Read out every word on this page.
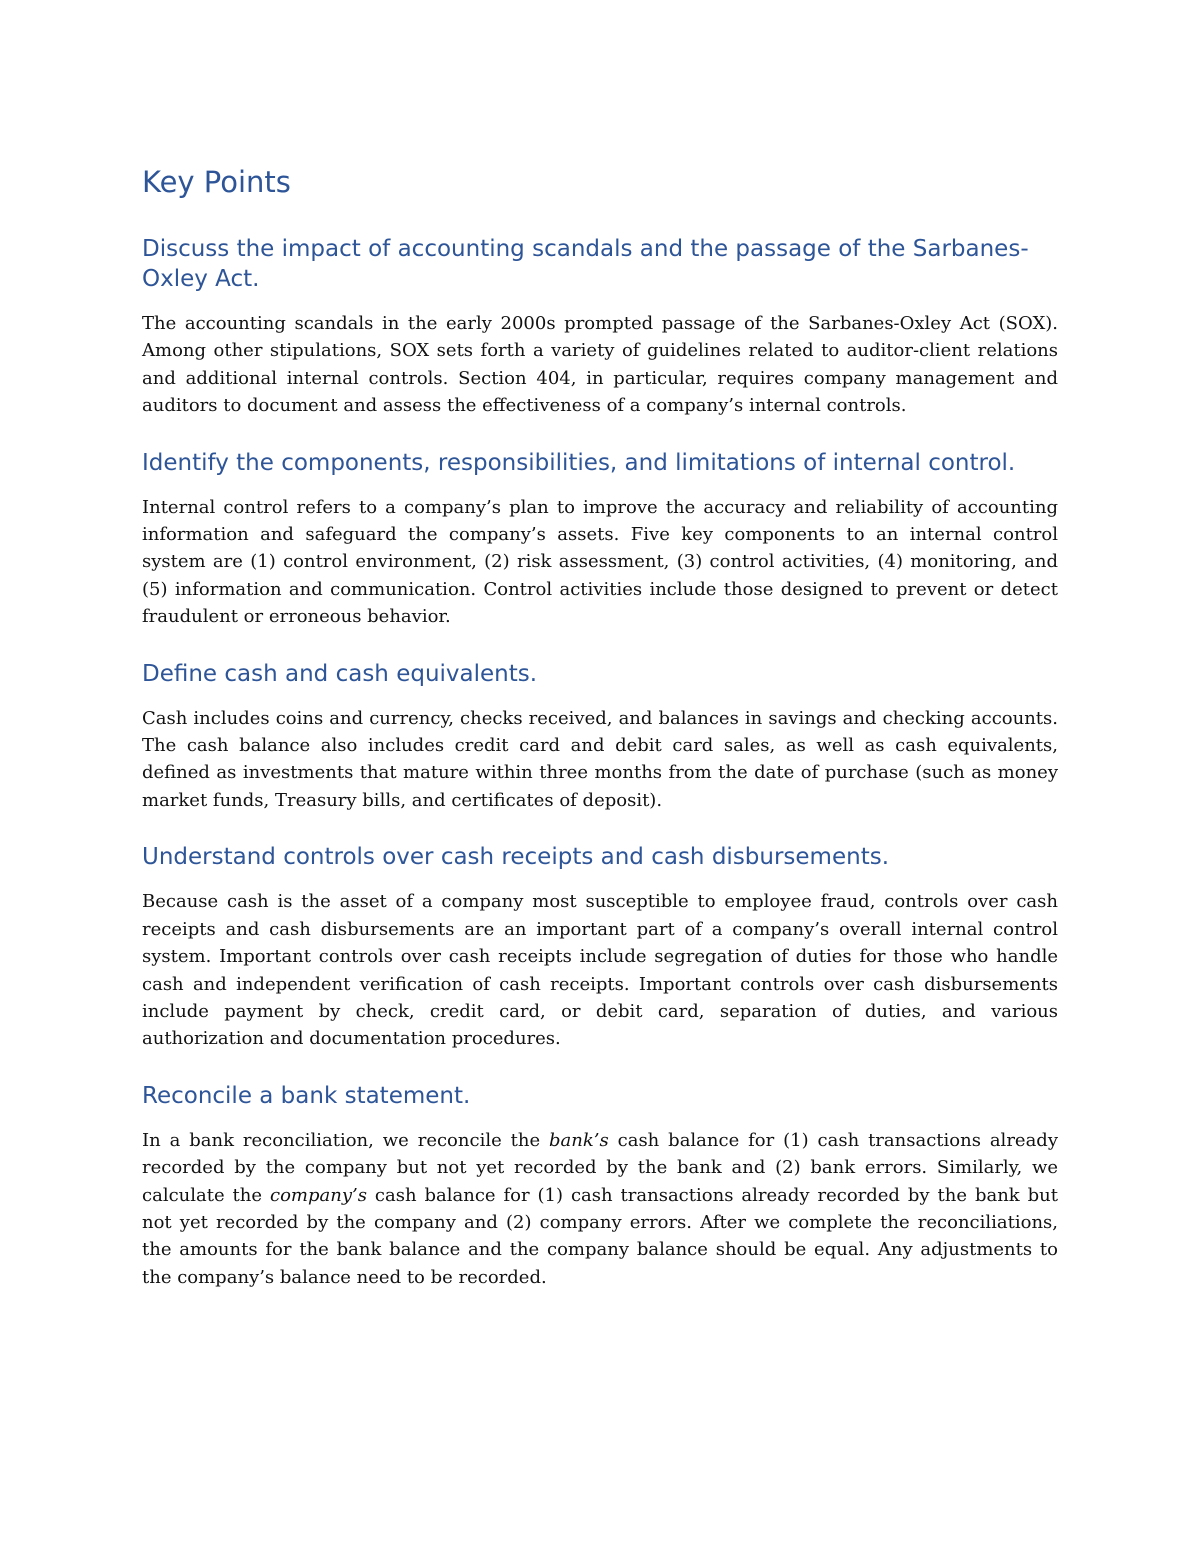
Key Points
Discuss the impact of accounting scandals and the passage of the Sarbanes-Oxley Act.

The accounting scandals in the early 2000s prompted passage of the Sarbanes-Oxley Act (SOX). Among other stipulations, SOX sets forth a variety of guidelines related to auditor-client relations and additional internal controls. Section 404, in particular, requires company management and auditors to document and assess the effectiveness of a company’s internal controls.

Identify the components, responsibilities, and limitations of internal control.

Internal control refers to a company’s plan to improve the accuracy and reliability of accounting information and safeguard the company’s assets. Five key components to an internal control system are (1) control environment, (2) risk assessment, (3) control activities, (4) monitoring, and (5) information and communication. Control activities include those designed to prevent or detect fraudulent or erroneous behavior.

Define cash and cash equivalents.

Cash includes coins and currency, checks received, and balances in savings and checking accounts. The cash balance also includes credit card and debit card sales, as well as cash equivalents, defined as investments that mature within three months from the date of purchase (such as money market funds, Treasury bills, and certificates of deposit).

Understand controls over cash receipts and cash disbursements.

Because cash is the asset of a company most susceptible to employee fraud, controls over cash receipts and cash disbursements are an important part of a company’s overall internal control system. Important controls over cash receipts include segregation of duties for those who handle cash and independent verification of cash receipts. Important controls over cash disbursements include payment by check, credit card, or debit card, separation of duties, and various authorization and documentation procedures.

Reconcile a bank statement.

In a bank reconciliation, we reconcile the bank’s cash balance for (1) cash transactions already recorded by the company but not yet recorded by the bank and (2) bank errors. Similarly, we calculate the company’s cash balance for (1) cash transactions already recorded by the bank but not yet recorded by the company and (2) company errors. After we complete the reconciliations, the amounts for the bank balance and the company balance should be equal. Any adjustments to the company’s balance need to be recorded.
